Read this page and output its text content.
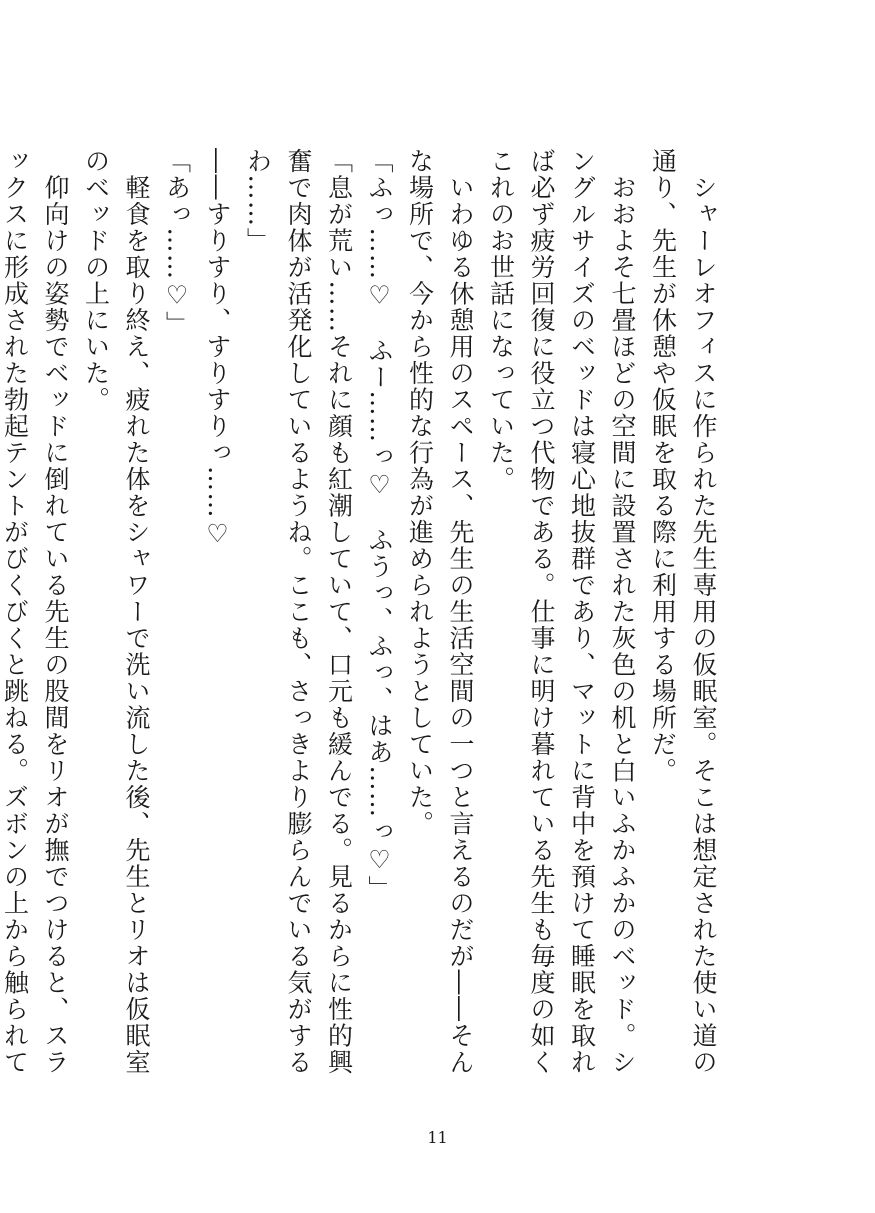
　シャーレオフィスに作られた先生専用の仮眠室。そこは想定された使い道の通り、先生が休憩や仮眠を取る際に利用する場所だ。

　おおよそ七畳ほどの空間に設置された灰色の机と白いふかふかのベッド。シングルサイズのベッドは寝心地抜群であり、マットに背中を預けて睡眠を取れば必ず疲労回復に役立つ代物である。仕事に明け暮れている先生も毎度の如くこれのお世話になっていた。

　いわゆる休憩用のスペース、先生の生活空間の一つと言えるのだが――そんな場所で、今から性的な行為が進められようとしていた。

「ふっ……♡　ふー……っ♡　ふうっ、ふっ、はあ……っ♡」

「息が荒い……それに顔も紅潮していて、口元も緩んでる。見るからに性的興奮で肉体が活発化しているようね。ここも、さっきより膨らんでいる気がするわ……」

――すりすり、すりすりっ……♡

「あっ……♡」

　軽食を取り終え、疲れた体をシャワーで洗い流した後、先生とリオは仮眠室のベッドの上にいた。

　仰向けの姿勢でベッドに倒れている先生の股間をリオが撫でつけると、スラックスに形成された勃起テントがびくびくと跳ねる。ズボンの上から触られて

11
